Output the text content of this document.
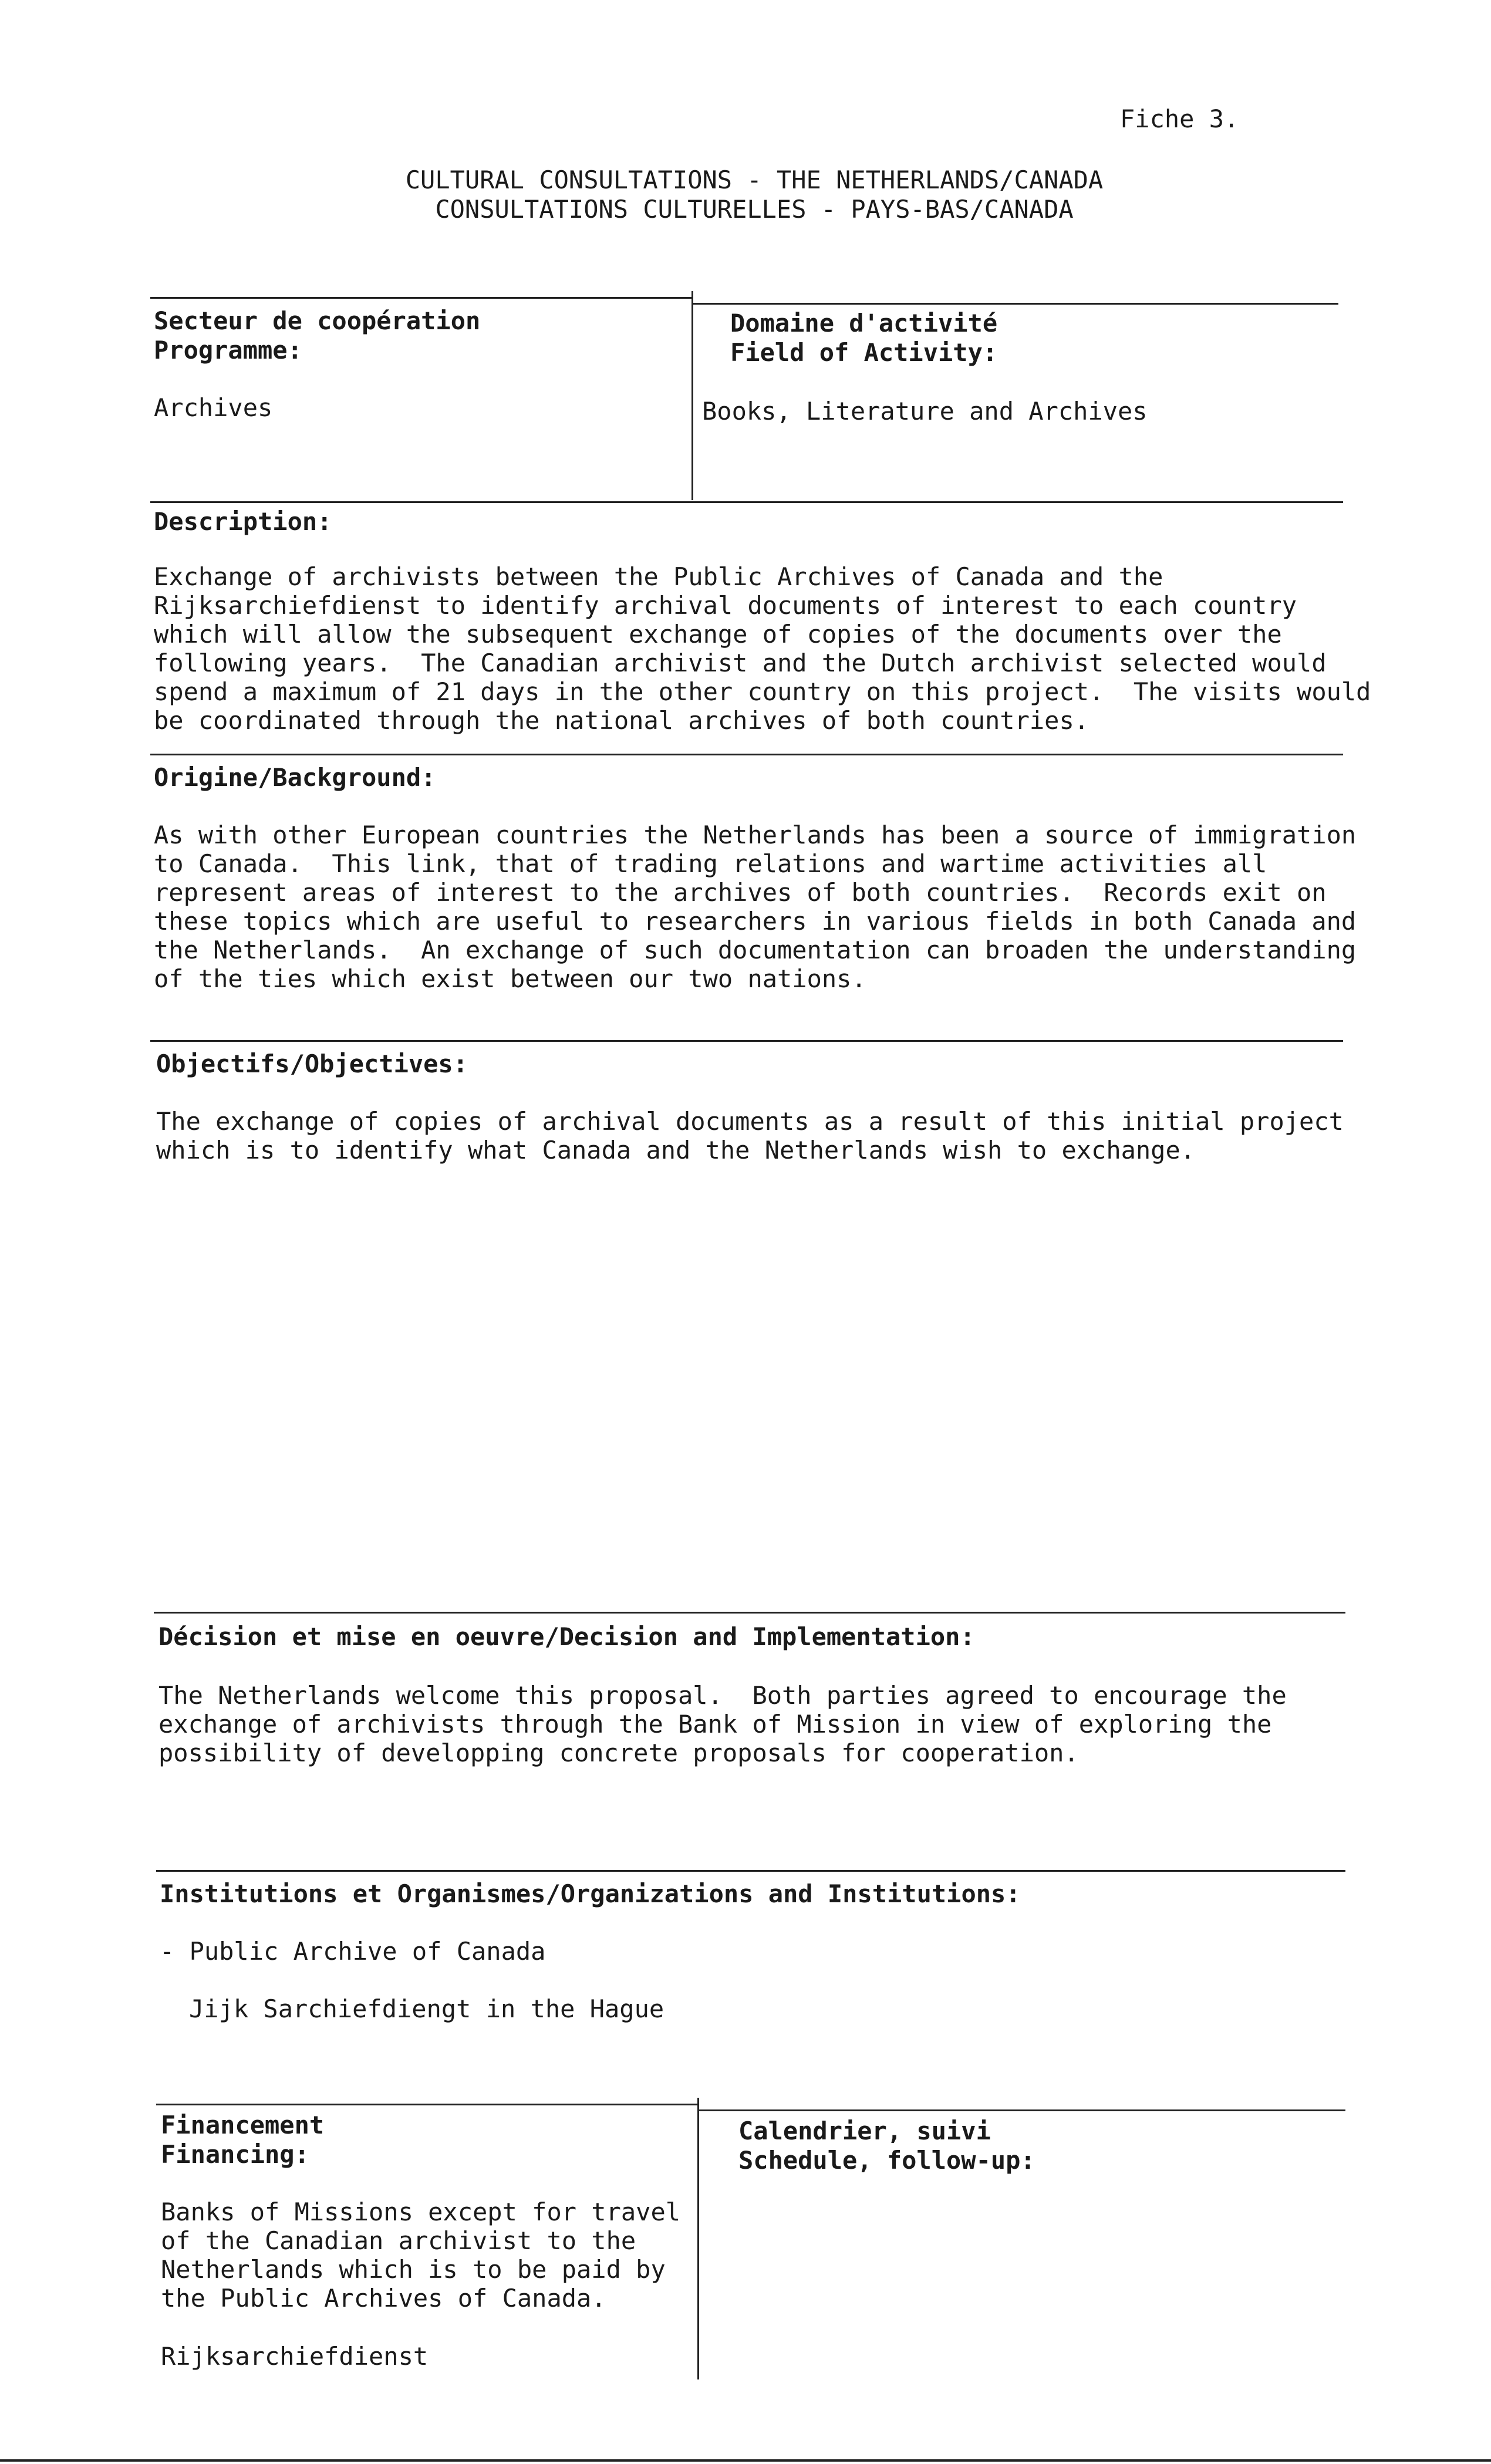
Fiche 3.
CULTURAL CONSULTATIONS - THE NETHERLANDS/CANADA
CONSULTATIONS CULTURELLES - PAYS-BAS/CANADA
Secteur de coopération
Programme:
Archives
Domaine d'activité
Field of Activity:
Books, Literature and Archives
Description:
Exchange of archivists between the Public Archives of Canada and the
Rijksarchiefdienst to identify archival documents of interest to each country
which will allow the subsequent exchange of copies of the documents over the
following years.  The Canadian archivist and the Dutch archivist selected would
spend a maximum of 21 days in the other country on this project.  The visits would
be coordinated through the national archives of both countries.
Origine/Background:
As with other European countries the Netherlands has been a source of immigration
to Canada.  This link, that of trading relations and wartime activities all
represent areas of interest to the archives of both countries.  Records exit on
these topics which are useful to researchers in various fields in both Canada and
the Netherlands.  An exchange of such documentation can broaden the understanding
of the ties which exist between our two nations.
Objectifs/Objectives:
The exchange of copies of archival documents as a result of this initial project
which is to identify what Canada and the Netherlands wish to exchange.
Décision et mise en oeuvre/Decision and Implementation:
The Netherlands welcome this proposal.  Both parties agreed to encourage the
exchange of archivists through the Bank of Mission in view of exploring the
possibility of developping concrete proposals for cooperation.
Institutions et Organismes/Organizations and Institutions:
- Public Archive of Canada
Jijk Sarchiefdiengt in the Hague
Financement
Financing:
Banks of Missions except for travel
of the Canadian archivist to the
Netherlands which is to be paid by
the Public Archives of Canada.
Rijksarchiefdienst
Calendrier, suivi
Schedule, follow-up:
